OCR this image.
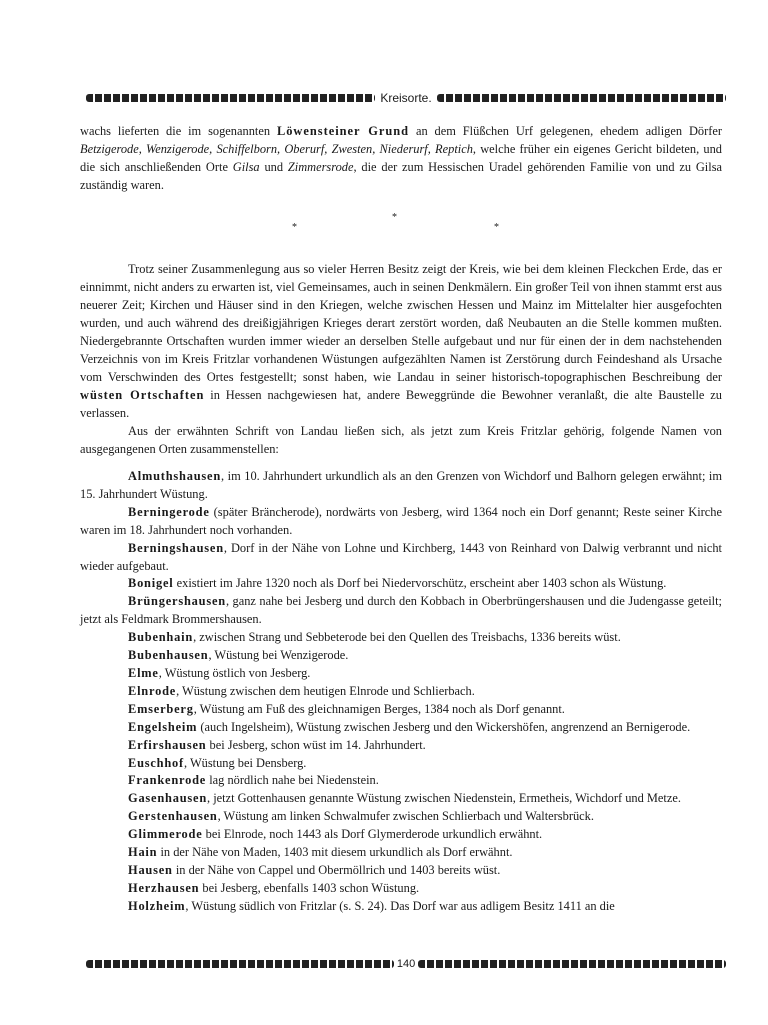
Kreisorte.
wachs lieferten die im sogenannten Löwensteiner Grund an dem Flüßchen Urf gelegenen, ehedem adligen Dörfer Betzigerode, Wenzigerode, Schiffelborn, Oberurf, Zwesten, Niederurf, Reptich, welche früher ein eigenes Gericht bildeten, und die sich anschließenden Orte Gilsa und Zimmersrode, die der zum Hessischen Uradel gehörenden Familie von und zu Gilsa zuständig waren.
*
*
*

Trotz seiner Zusammenlegung aus so vieler Herren Besitz zeigt der Kreis, wie bei dem kleinen Fleckchen Erde, das er einnimmt, nicht anders zu erwarten ist, viel Gemeinsames, auch in seinen Denkmälern. Ein großer Teil von ihnen stammt erst aus neuerer Zeit; Kirchen und Häuser sind in den Kriegen, welche zwischen Hessen und Mainz im Mittelalter hier ausgefochten wurden, und auch während des dreißigjährigen Krieges derart zerstört worden, daß Neubauten an die Stelle kommen mußten. Niedergebrannte Ortschaften wurden immer wieder an derselben Stelle aufgebaut und nur für einen der in dem nachstehenden Verzeichnis von im Kreis Fritzlar vorhandenen Wüstungen aufgezählten Namen ist Zerstörung durch Feindeshand als Ursache vom Verschwinden des Ortes festgestellt; sonst haben, wie Landau in seiner historisch-topographischen Beschreibung der wüsten Ortschaften in Hessen nachgewiesen hat, andere Beweggründe die Bewohner veranlaßt, die alte Baustelle zu verlassen.

Aus der erwähnten Schrift von Landau ließen sich, als jetzt zum Kreis Fritzlar gehörig, folgende Namen von ausgegangenen Orten zusammenstellen:

Almuthshausen, im 10. Jahrhundert urkundlich als an den Grenzen von Wichdorf und Balhorn gelegen erwähnt; im 15. Jahrhundert Wüstung.

Berningerode (später Bräncherode), nordwärts von Jesberg, wird 1364 noch ein Dorf genannt; Reste seiner Kirche waren im 18. Jahrhundert noch vorhanden.

Berningshausen, Dorf in der Nähe von Lohne und Kirchberg, 1443 von Reinhard von Dalwig verbrannt und nicht wieder aufgebaut.

Bonigel existiert im Jahre 1320 noch als Dorf bei Niedervorschütz, erscheint aber 1403 schon als Wüstung.

Brüngershausen, ganz nahe bei Jesberg und durch den Kobbach in Oberbrüngershausen und die Judengasse geteilt; jetzt als Feldmark Brommershausen.

Bubenhain, zwischen Strang und Sebbeterode bei den Quellen des Treisbachs, 1336 bereits wüst.

Bubenhausen, Wüstung bei Wenzigerode.

Elme, Wüstung östlich von Jesberg.

Elnrode, Wüstung zwischen dem heutigen Elnrode und Schlierbach.

Emserberg, Wüstung am Fuß des gleichnamigen Berges, 1384 noch als Dorf genannt.

Engelsheim (auch Ingelsheim), Wüstung zwischen Jesberg und den Wickershöfen, angrenzend an Bernigerode.

Erfirshausen bei Jesberg, schon wüst im 14. Jahrhundert.

Euschhof, Wüstung bei Densberg.

Frankenrode lag nördlich nahe bei Niedenstein.

Gasenhausen, jetzt Gottenhausen genannte Wüstung zwischen Niedenstein, Ermetheis, Wichdorf und Metze.

Gerstenhausen, Wüstung am linken Schwalmufer zwischen Schlierbach und Waltersbrück.

Glimmerode bei Elnrode, noch 1443 als Dorf Glymerderode urkundlich erwähnt.

Hain in der Nähe von Maden, 1403 mit diesem urkundlich als Dorf erwähnt.

Hausen in der Nähe von Cappel und Obermöllrich und 1403 bereits wüst.

Herzhausen bei Jesberg, ebenfalls 1403 schon Wüstung.

Holzheim, Wüstung südlich von Fritzlar (s. S. 24). Das Dorf war aus adligem Besitz 1411 an die

140
